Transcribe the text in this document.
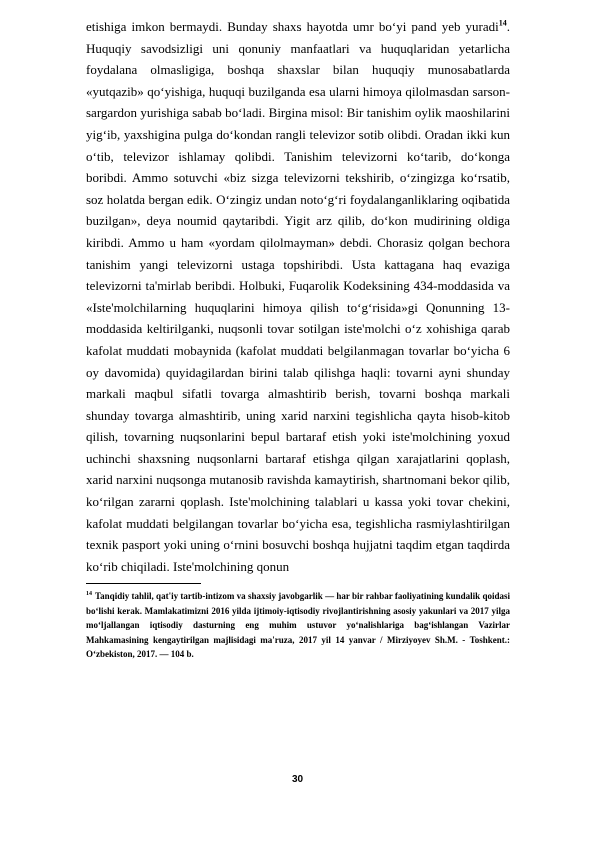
etishiga imkon bermaydi. Bunday shaxs hayotda umr bo‘yi pand yeb yuradi$^{14}$. Huquqiy savodsizligi uni qonuniy manfaatlari va huquqlaridan yetarlicha foydalana olmasligiga, boshqa shaxslar bilan huquqiy munosabatlarda «yutqazib» qo‘yishiga, huquqi buzilganda esa ularni himoya qilolmasdan sarson-sargardon yurishiga sabab bo‘ladi. Birgina misol: Bir tanishim oylik maoshilarini yig‘ib, yaxshigina pulga do‘kondan rangli televizor sotib olibdi. Oradan ikki kun o‘tib, televizor ishlamay qolibdi. Tanishim televizorni ko‘tarib, do‘konga boribdi. Ammo sotuvchi «biz sizga televizorni tekshirib, o‘zingizga ko‘rsatib, soz holatda bergan edik. O‘zingiz undan noto‘g‘ri foydalanganliklaring oqibatida buzilgan», deya noumid qaytaribdi. Yigit arz qilib, do‘kon mudirining oldiga kiribdi. Ammo u ham «yordam qilolmayman» debdi. Chorasiz qolgan bechora tanishim yangi televizorni ustaga topshiribdi. Usta kattagana haq evaziga televizorni ta'mirlab beribdi. Holbuki, Fuqarolik Kodeksining 434-moddasida va «Iste'molchilarning huquqlarini himoya qilish to‘g‘risida»gi Qonunning 13-moddasida keltirilganki, nuqsonli tovar sotilgan iste'molchi o‘z xohishiga qarab kafolat muddati mobaynida (kafolat muddati belgilanmagan tovarlar bo‘yicha 6 oy davomida) quyidagilardan birini talab qilishga haqli: tovarni ayni shunday markali maqbul sifatli tovarga almashtirib berish, tovarni boshqa markali shunday tovarga almashtirib, uning xarid narxini tegishlicha qayta hisob-kitob qilish, tovarning nuqsonlarini bepul bartaraf etish yoki iste'molchining yoxud uchinchi shaxsning nuqsonlarni bartaraf etishga qilgan xarajatlarini qoplash, xarid narxini nuqsonga mutanosib ravishda kamaytirish, shartnomani bekor qilib, ko‘rilgan zararni qoplash. Iste'molchining talablari u kassa yoki tovar chekini, kafolat muddati belgilangan tovarlar bo‘yicha esa, tegishlicha rasmiylashtirilgan texnik pasport yoki uning o‘rnini bosuvchi boshqa hujjatni taqdim etgan taqdirda ko‘rib chiqiladi. Iste'molchining qonun

$^{14}$ Tanqidiy tahlil, qat'iy tartib-intizom va shaxsiy javobgarlik — har bir rahbar faoliyatining kundalik qoidasi bo‘lishi kerak. Mamlakatimizni 2016 yilda ijtimoiy-iqtisodiy rivojlantirishning asosiy yakunlari va 2017 yilga mo‘ljallangan iqtisodiy dasturning eng muhim ustuvor yo‘nalishlariga bag‘ishlangan Vazirlar Mahkamasining kengaytirilgan majlisidagi ma'ruza, 2017 yil 14 yanvar / Mirziyoyev Sh.M. - Toshkent.: O‘zbekiston, 2017. — 104 b.

30
